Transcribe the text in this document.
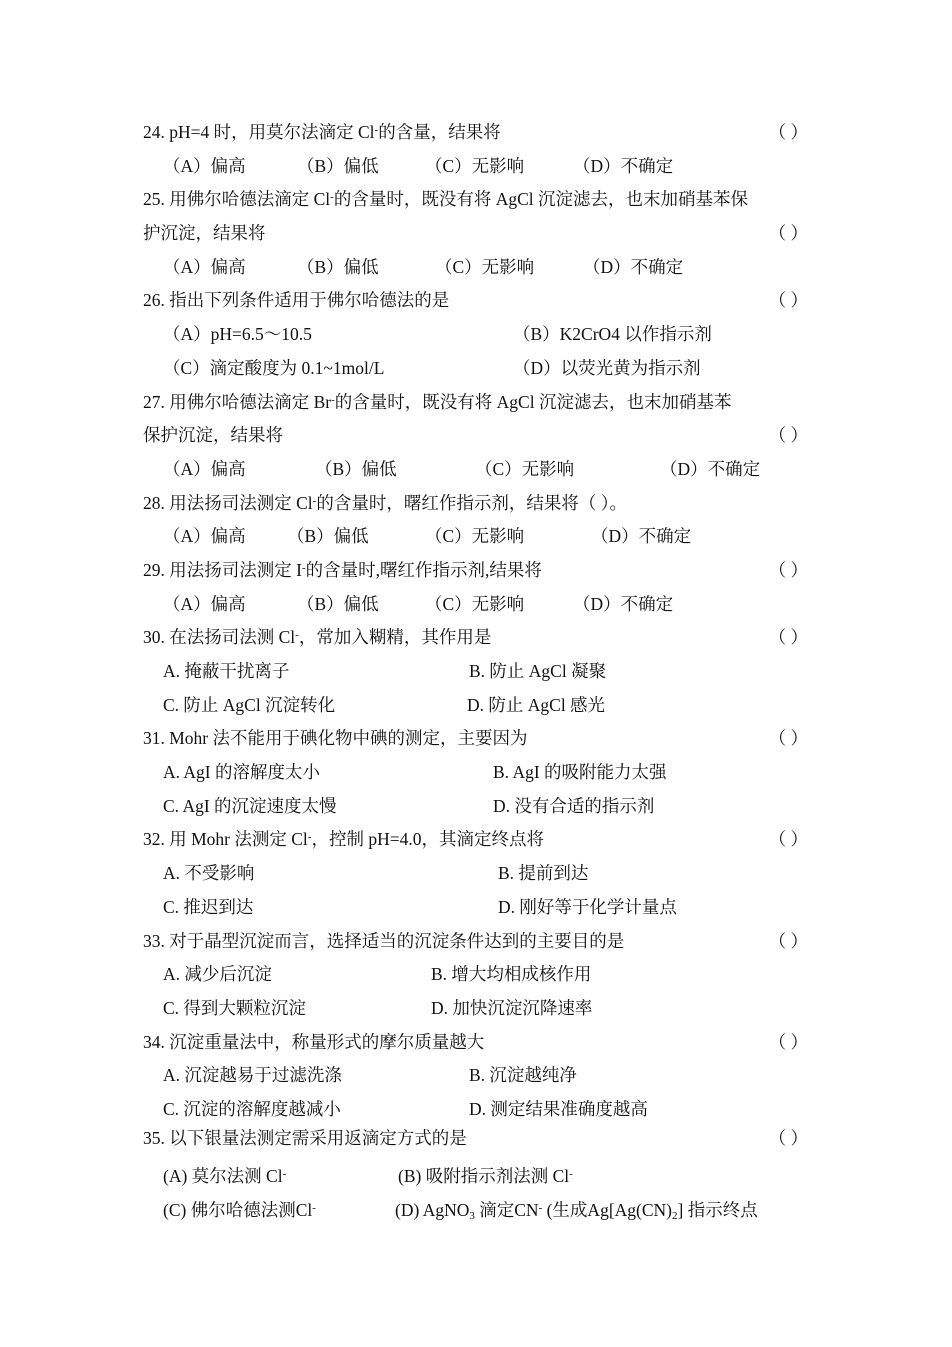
24. pH=4 时，用莫尔法滴定 Cl-的含量，结果将	（ ）
（A）偏高	（B）偏低	（C）无影响	（D）不确定
25. 用佛尔哈德法滴定 Cl-的含量时，既没有将 AgCl 沉淀滤去，也末加硝基苯保
护沉淀，结果将	（ ）
（A）偏高	（B）偏低	（C）无影响	（D）不确定
26. 指出下列条件适用于佛尔哈德法的是	（ ）
（A）pH=6.5～10.5	（B）K2CrO4 以作指示剂
（C）滴定酸度为 0.1~1mol/L	（D）以荧光黄为指示剂
27. 用佛尔哈德法滴定 Br-的含量时，既没有将 AgCl 沉淀滤去，也末加硝基苯
保护沉淀，结果将	（ ）
（A）偏高	（B）偏低	（C）无影响	（D）不确定
28. 用法扬司法测定 Cl-的含量时，曙红作指示剂，结果将（ ）。
（A）偏高 （B）偏低	（C）无影响	（D）不确定
29. 用法扬司法测定 I-的含量时,曙红作指示剂,结果将	（ ）
（A）偏高	（B）偏低	（C）无影响	（D）不确定
30. 在法扬司法测 Cl-，常加入糊精，其作用是	（ ）
A. 掩蔽干扰离子	B. 防止 AgCl 凝聚
C. 防止 AgCl 沉淀转化	D. 防止 AgCl 感光
31. Mohr 法不能用于碘化物中碘的测定，主要因为	（ ）
A. AgI 的溶解度太小	B. AgI 的吸附能力太强
C. AgI 的沉淀速度太慢	D. 没有合适的指示剂
32. 用 Mohr 法测定 Cl-，控制 pH=4.0，其滴定终点将	（ ）
A. 不受影响	B. 提前到达
C. 推迟到达	D. 刚好等于化学计量点
33. 对于晶型沉淀而言，选择适当的沉淀条件达到的主要目的是	（ ）
A. 减少后沉淀	B. 增大均相成核作用
C. 得到大颗粒沉淀	D. 加快沉淀沉降速率
34. 沉淀重量法中，称量形式的摩尔质量越大	（ ）
A. 沉淀越易于过滤洗涤	B. 沉淀越纯净
C. 沉淀的溶解度越减小	D. 测定结果准确度越高
35. 以下银量法测定需采用返滴定方式的是	（ ）
(A) 莫尔法测 Cl-	(B) 吸附指示剂法测 Cl-
(C) 佛尔哈德法测Cl-	(D) AgNO$_3$ 滴定CN- (生成$Ag[Ag(CN)_2]$ 指示终点
